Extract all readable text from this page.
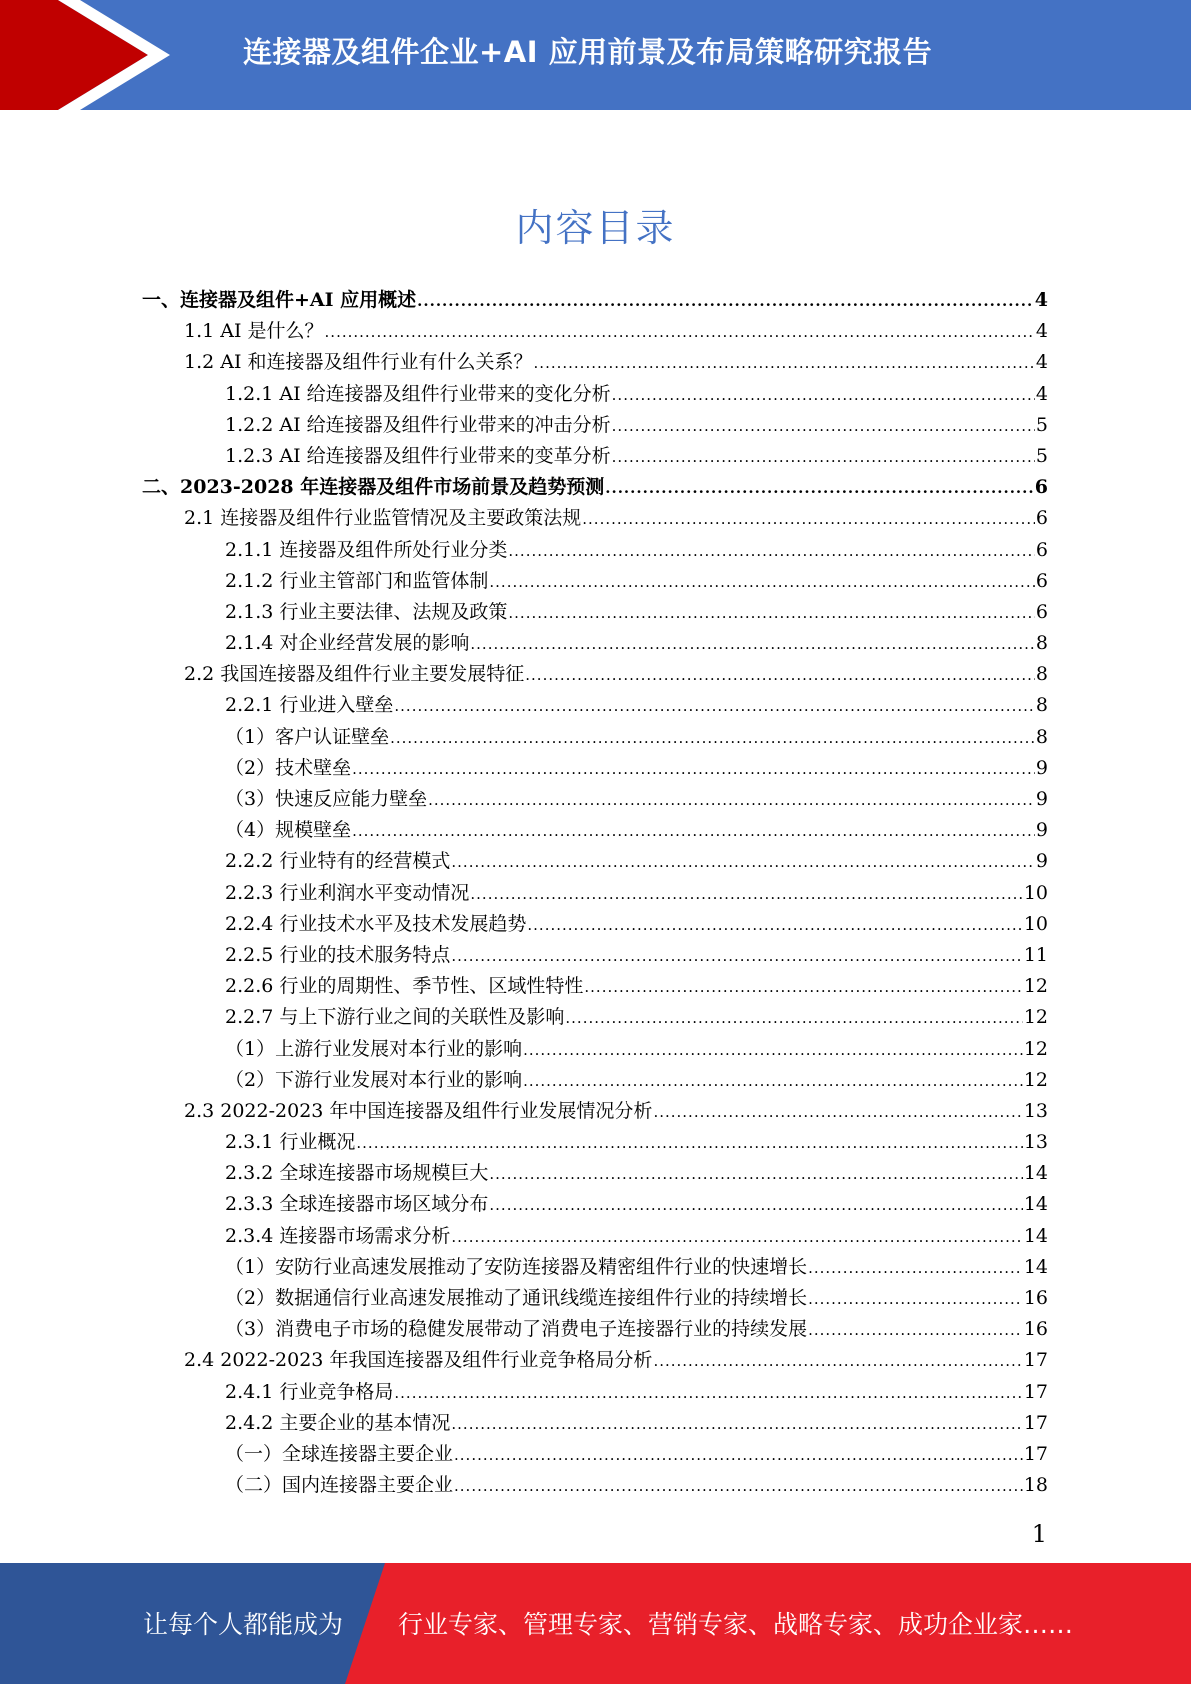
连接器及组件企业+AI 应用前景及布局策略研究报告
内容目录
一、连接器及组件+AI 应用概述 .....	4
1.1 AI 是什么？ .....	4
1.2 AI 和连接器及组件行业有什么关系？ .....	4
1.2.1 AI 给连接器及组件行业带来的变化分析 .....	4
1.2.2 AI 给连接器及组件行业带来的冲击分析 .....	5
1.2.3 AI 给连接器及组件行业带来的变革分析 .....	5
二、2023-2028 年连接器及组件市场前景及趋势预测 .....	6
2.1 连接器及组件行业监管情况及主要政策法规 .....	6
2.1.1 连接器及组件所处行业分类 .....	6
2.1.2 行业主管部门和监管体制 .....	6
2.1.3 行业主要法律、法规及政策 .....	6
2.1.4 对企业经营发展的影响 .....	8
2.2 我国连接器及组件行业主要发展特征 .....	8
2.2.1 行业进入壁垒 .....	8
（1）客户认证壁垒 .....	8
（2）技术壁垒 .....	9
（3）快速反应能力壁垒 .....	9
（4）规模壁垒 .....	9
2.2.2 行业特有的经营模式 .....	9
2.2.3 行业利润水平变动情况 .....	10
2.2.4 行业技术水平及技术发展趋势 .....	10
2.2.5 行业的技术服务特点 .....	11
2.2.6 行业的周期性、季节性、区域性特性 .....	12
2.2.7 与上下游行业之间的关联性及影响 .....	12
（1）上游行业发展对本行业的影响 .....	12
（2）下游行业发展对本行业的影响 .....	12
2.3 2022-2023 年中国连接器及组件行业发展情况分析 .....	13
2.3.1 行业概况 .....	13
2.3.2 全球连接器市场规模巨大 .....	14
2.3.3 全球连接器市场区域分布 .....	14
2.3.4 连接器市场需求分析 .....	14
（1）安防行业高速发展推动了安防连接器及精密组件行业的快速增长 .....	14
（2）数据通信行业高速发展推动了通讯线缆连接组件行业的持续增长 .....	16
（3）消费电子市场的稳健发展带动了消费电子连接器行业的持续发展 .....	16
2.4 2022-2023 年我国连接器及组件行业竞争格局分析 .....	17
2.4.1 行业竞争格局 .....	17
2.4.2 主要企业的基本情况 .....	17
（一）全球连接器主要企业 .....	17
（二）国内连接器主要企业 .....	18
1
让每个人都能成为 行业专家、管理专家、营销专家、战略专家、成功企业家……
